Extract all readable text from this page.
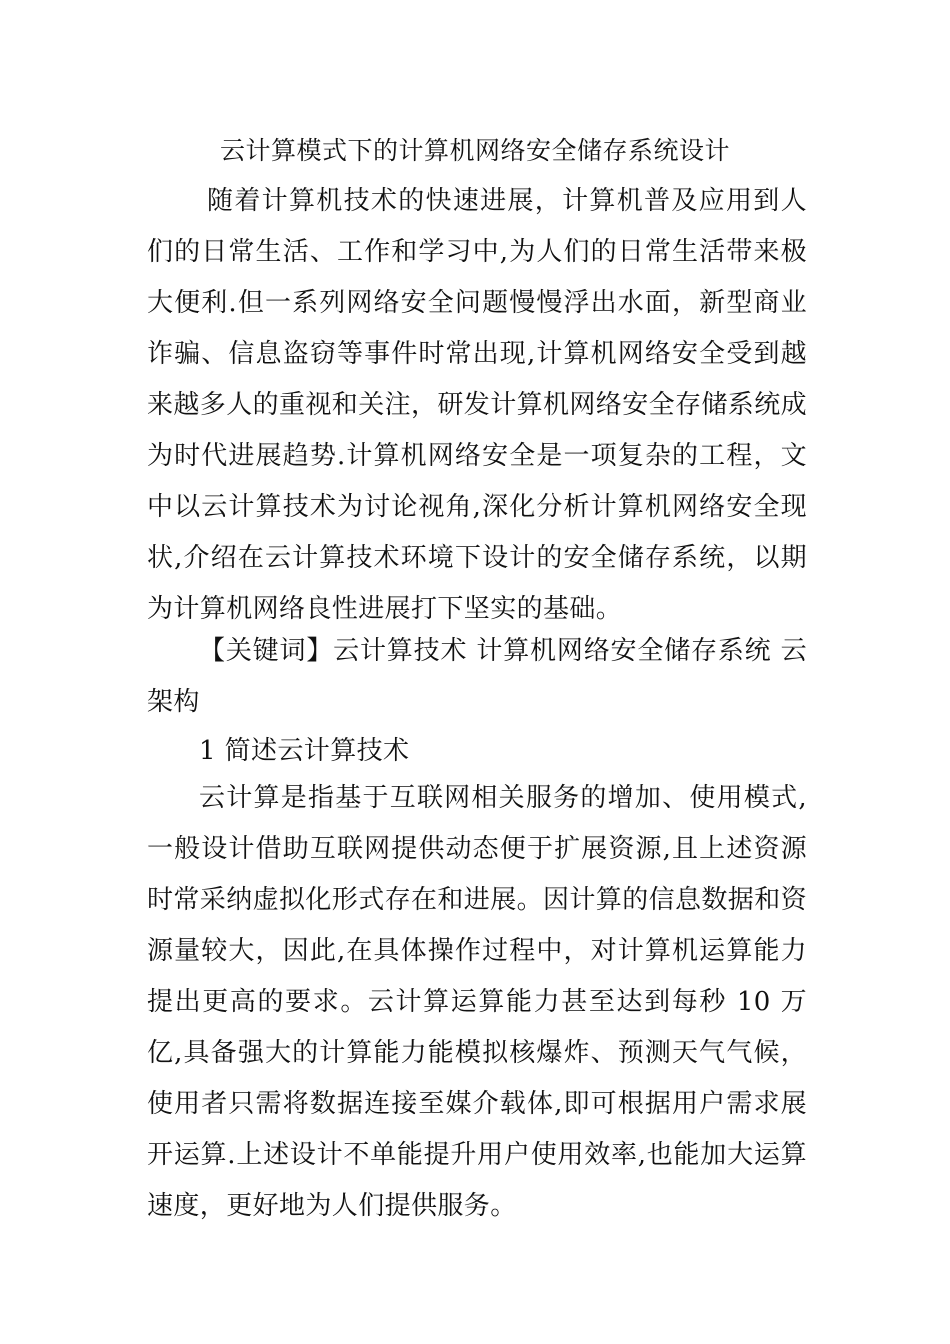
云计算模式下的计算机网络安全储存系统设计

随着计算机技术的快速进展，计算机普及应用到人们的日常生活、工作和学习中,为人们的日常生活带来极大便利.但一系列网络安全问题慢慢浮出水面，新型商业诈骗、信息盗窃等事件时常出现,计算机网络安全受到越来越多人的重视和关注，研发计算机网络安全存储系统成为时代进展趋势.计算机网络安全是一项复杂的工程，文中以云计算技术为讨论视角,深化分析计算机网络安全现状,介绍在云计算技术环境下设计的安全储存系统，以期为计算机网络良性进展打下坚实的基础。

【关键词】云计算技术 计算机网络安全储存系统 云架构

1 简述云计算技术

云计算是指基于互联网相关服务的增加、使用模式,一般设计借助互联网提供动态便于扩展资源,且上述资源时常采纳虚拟化形式存在和进展。因计算的信息数据和资源量较大，因此,在具体操作过程中，对计算机运算能力提出更高的要求。云计算运算能力甚至达到每秒 10 万亿,具备强大的计算能力能模拟核爆炸、预测天气气候，使用者只需将数据连接至媒介载体,即可根据用户需求展开运算.上述设计不单能提升用户使用效率,也能加大运算速度，更好地为人们提供服务。
